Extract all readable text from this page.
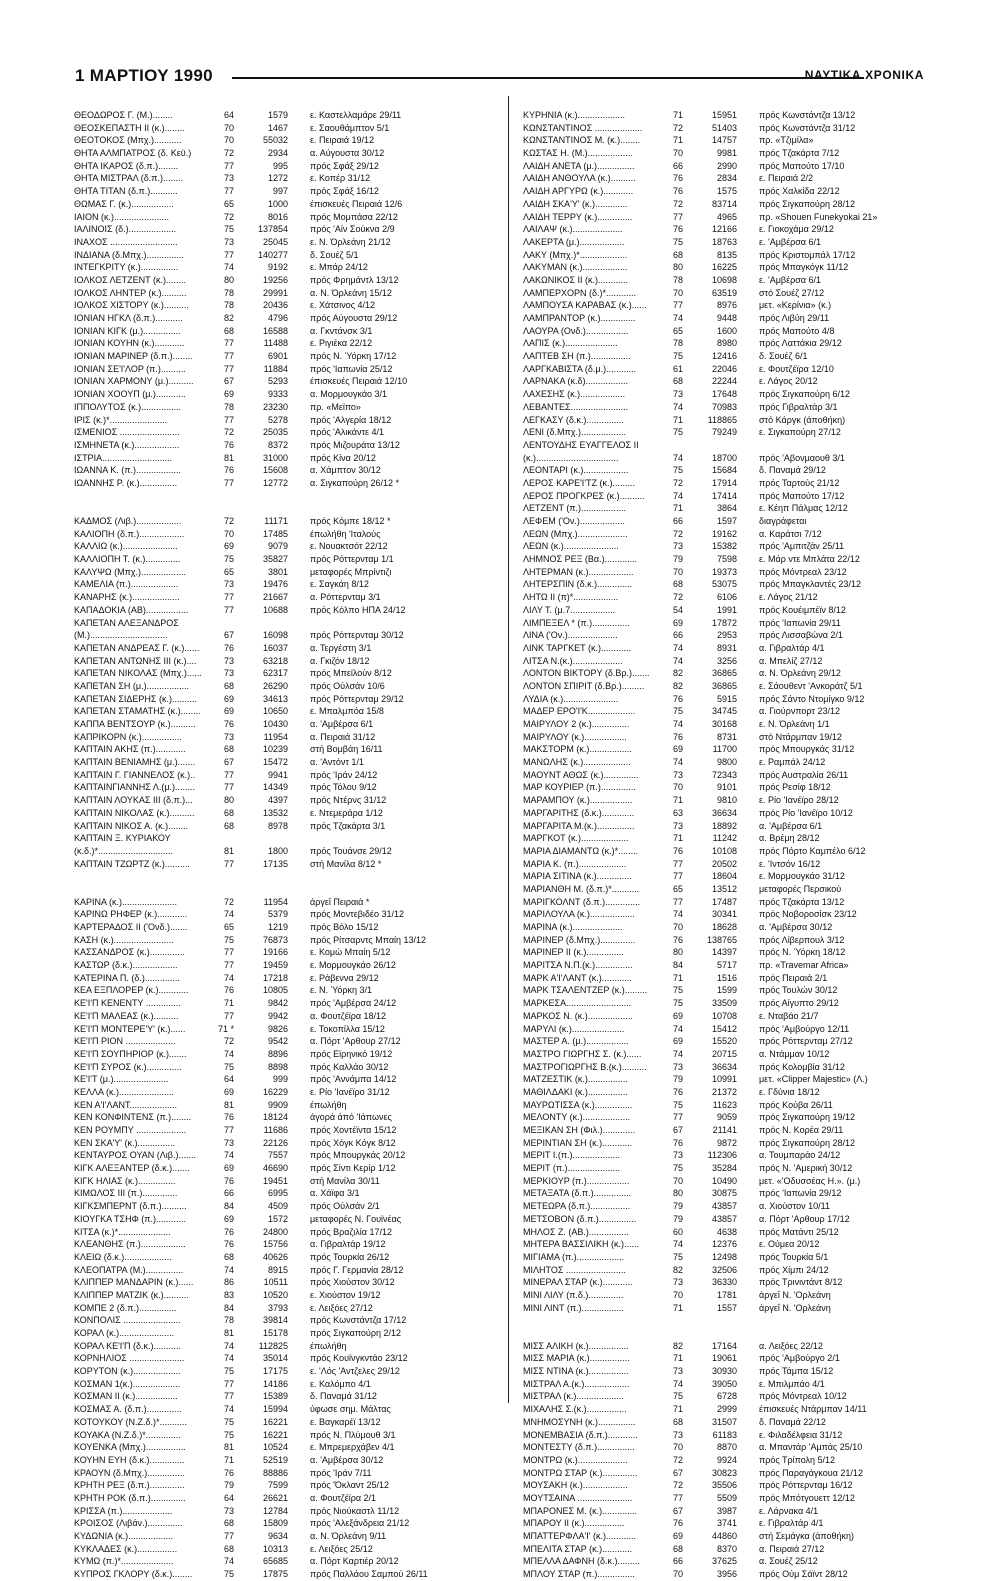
1 ΜΑΡΤΙΟΥ 1990	ΝΑΥΤΙΚΑ ΧΡΟΝΙΚΑ
ΘΕΟΔΩΡΟΣ Γ. (Μ.)........	64	1579 ε. Καστελλαμάρε 29/11
ΘΕΟΣΚΕΠΑΣΤΗ ΙΙ (κ.)........	70	1467 ε. Σαουθάμπτον 5/1
ΘΕΟΤΟΚΟΣ (Μπχ.)...........	70	55032 ε. Πειραιά 19/12
ΘΗΤΑ ΑΛΜΠΑΤΡΟΣ (δ. Κεϋ.)	72	2934 α. Αύγουστα 30/12
ΘΗΤΑ ΙΚΑΡΟΣ (δ.π.)........	77	995 πρός Σφάξ 29/12
ΘΗΤΑ ΜΙΣΤΡΑΛ (δ.π.)........	73	1272 ε. Κοπέρ 31/12
ΘΗΤΑ ΤΙΤΑΝ (δ.π.)...........	77	997 πρός Σφάξ 16/12
ΘΩΜΑΣ Γ. (κ.).................	65	1000 έπισκευές Πειραιά 12/6
ΙΑΙΟΝ (κ.)......................	72	8016 πρός Μομπάσα 22/12
ΙΑΛΙΝΟΙΣ (δ.)...................	75	137854 πρός 'Αίν Σούκνα 2/9
ΙΝΑΧΟΣ ...........................	73	25045 ε. Ν. Όρλεάνη 21/12
ΙΝΔΙΑΝΑ (δ.Μπχ.)...............	77	140277 δ. Σουέζ 5/1
ΙΝΤΕΓΚΡΙΤΥ (κ.)...............	74	9192 ε. Μπάρ 24/12
ΙΟΛΚΟΣ ΛΕΤΖΕΝΤ (κ.)........	80	19256 πρός Φρημάντλ 13/12
ΙΟΛΚΟΣ ΛΗΝΤΕΡ (κ.)..........	78	29991 α. Ν. Όρλεάνη 15/12
ΙΟΛΚΟΣ ΧΙΣΤΟΡΥ (κ.)..........	78	20436 ε. Χάτσινος 4/12
ΙΟΝΙΑΝ ΗΓΚΛ (δ.π.)...........	82	4796 πρός Αύγουστα 29/12
ΙΟΝΙΑΝ ΚΙΓΚ (μ.)...............	68	16588 α. Γκντάνσκ 3/1
ΙΟΝΙΑΝ ΚΟΥΗΝ (κ.)............	77	11488 ε. Ριγιέκα 22/12
ΙΟΝΙΑΝ ΜΑΡΙΝΕΡ (δ.π.)........	77	6901 πρός Ν. Ύόρκη 17/12
ΙΟΝΙΑΝ ΣΕ'Ι'ΛΟΡ (π.)..........	77	11884 πρός 'Ιαπωνία 25/12
ΙΟΝΙΑΝ ΧΑΡΜΟΝΥ (μ.)..........	67	5293 έπισκευές Πειραιά 12/10
ΙΟΝΙΑΝ ΧΟΟΥΠ (μ.)............	69	9333 α. Μορμουγκάο 3/1
ΙΠΠΟΛΥΤΟΣ (κ.)................	78	23230 πρ. «Μεϊπο»
ΙΡΙΣ (κ.)*.......................	77	5278 πρός 'Αλγερία 18/12
ΙΣΜΕΝΙΟΣ ........................	72	25035 πρός 'Αλικάντε 4/1
ΙΣΜΗΝΕΤΑ (κ.)..................	76	8372 πρός Μιζουράτα 13/12
ΙΣΤΡΙΑ............................	81	31000 πρός Κίνα 20/12
ΙΩΑΝΝΑ Κ. (π.)..................	76	15608 α. Χάμπτον 30/12
ΙΩΑΝΝΗΣ Ρ. (κ.)...............	77	12772 α. Σιγκαπούρη 26/12 *
ΚΑΔΜΟΣ (Λιβ.)..................	72	11171 πρός Κόμπε 18/12 *
ΚΑΛΙΟΠΗ (δ.π.)..................	70	17485 έπωλήθη 'Ιταλούς
ΚΑΛΛΙΩ (κ.)......................	69	9079 ε. Νουακτσότ 22/12
ΚΑΛΛΙΟΠΗ Τ. (κ.)..............	75	35827 πρός Ρόττερνταμ 1/1
ΚΑΛΥΨΩ (Μπχ.)..................	65	3801 μεταφορές Μπρίντιζι
ΚΑΜΕΛΙΑ (π.)...................	73	19476 ε. Σαγκάη 8/12
ΚΑΝΑΡΗΣ (κ.)...................	77	21667 α. Ρόττερνταμ 3/1
ΚΑΠΑΔΟΚΙΑ (ΑΒ).................	77	10688 πρός Κόλπο ΗΠΑ 24/12
ΚΑΠΕΤΑΝ ΑΛΕΞΑΝΔΡΟΣ
(Μ.)...............................	67	16098 πρός Ρόττερνταμ 30/12
ΚΑΠΕΤΑΝ ΑΝΔΡΕΑΣ Γ. (κ.)......	76	16037 α. Τεργέστη 3/1
ΚΑΠΕΤΑΝ ΑΝΤΩΝΗΣ ΙΙΙ (κ.)....	73	63218 α. Γκιζόν 18/12
ΚΑΠΕΤΑΝ ΝΙΚΟΛΑΣ (Μπχ.)......	73	62317 πρός Μπεϊλούν 8/12
ΚΑΠΕΤΑΝ ΣΗ (μ.).................	68	26290 πρός Ούλσάν 10/6
ΚΑΠΕΤΑΝ ΣΙΔΕΡΗΣ (κ.)..........	69	34613 πρός Ρόττερνταμ 29/12
ΚΑΠΕΤΑΝ ΣΤΑΜΑΤΗΣ (κ.)........	69	10650 ε. Μπαλμπόα 15/8
ΚΑΠΠΑ ΒΕΝΤΣΟΥΡ (κ.)..........	76	10430 α. 'Αμβέρσα 6/1
ΚΑΠΡΙΚΟΡΝ (κ.)................	73	11954 α. Πειραιά 31/12
ΚΑΠΤΑΙΝ ΑΚΗΣ (π.)............	68	10239 στή Βομβάη 16/11
ΚΑΠΤΑΙΝ ΒΕΝΙΑΜΗΣ (μ.).......	67	15472 α. 'Αντόντ 1/1
ΚΑΠΤΑΙΝ Γ. ΓΙΑΝΝΕΛΟΣ (κ.)..	77	9941 πρός 'Ιράν 24/12
ΚΑΠΤΑΙΝΓΙΑΝΝΗΣ Λ.(μ.)........	77	14349 πρός Τόλου 9/12
ΚΑΠΤΑΙΝ ΛΟΥΚΑΣ ΙΙΙ (δ.π.)...	80	4397 πρός Ντέρνς 31/12
ΚΑΠΤΑΙΝ ΝΙΚΟΛΑΣ (κ.)..........	68	13532 ε. Ντεμεράρα 1/12
ΚΑΠΤΑΙΝ ΝΙΚΟΣ Α. (κ.)........	68	8978 πρός Τζακάρτα 3/1
ΚΑΠΤΑΙΝ Ξ. ΚΥΡΙΑΚΟΥ
(κ.δ.)*..............................	81	1800 πρός Τουάνσε 29/12
ΚΑΠΤΑΙΝ ΤΖΩΡΤΖ (κ.)..........	77	17135 στή Μανίλα 8/12 *
ΚΑΡΙΝΑ (κ.)......................	72	11954 άργεΐ Πειραιά *
ΚΑΡΙΝΩ ΡΗΦΕΡ (κ.)............	74	5379 πρός Μοντεβιδέο 31/12
ΚΑΡΤΕΡΑΔΟΣ ΙΙ ('Ονδ.).......	65	1219 πρός Βόλο 15/12
ΚΑΣΗ (κ.)........................	75	76873 πρός Ρίτσαρντς Μπαίη 13/12
ΚΑΣΣΑΝΔΡΟΣ (κ.)..............	77	19166 ε. Κομώ Μπαίη 5/12
ΚΑΣΤΩΡ (δ.κ.)..................	77	19459 ε. Μορμουγκάο 26/12
ΚΑΤΕΡΙΝΑ Π. (δ.)..............	74	17218 ε. Ράβεννα 29/12
ΚΕΑ ΕΞΠΛΟΡΕΡ (κ.)............	76	10805 ε. Ν. Ύόρκη 3/1
ΚΕ'Ι'Π ΚΕΝΕΝΤΥ ..............	71	9842 πρός 'Αμβέρσα 24/12
ΚΕ'Ι'Π ΜΑΛΕΑΣ (κ.)..........	77	9942 α. Φουτζέϊρα 18/12
ΚΕ'Ι'Π ΜΟΝΤΕΡΕ'Υ' (κ.)......	71 *	9826 ε. Τοκοπίλλα 15/12
ΚΕ'Ι'Π ΡΙΟΝ ....................	72	9542 α. Πόρτ 'Αρθουρ 27/12
ΚΕ'Ι'Π ΣΟΥΠΗΡΙΟΡ (κ.).......	74	8896 πρός Εϊρηνικό 19/12
ΚΕ'Ι'Π ΣΥΡΟΣ (κ.)..............	75	8898 πρός Καλλάο 30/12
ΚΕ'Ι'Τ (μ.)......................	64	999 πρός 'Αννάμπα 14/12
ΚΕΛΛΑ (κ.)......................	69	16229 ε. Ρίο 'Ιανέϊρο 31/12
ΚΕΝ Α'Ι'ΛΑΝΤ...................	81	9909 έπωλήθη
ΚΕΝ ΚΟΝΦΙΝΤΕΝΣ (π.)........	76	18124 άγορά άπό 'Ιάπωνες
ΚΕΝ ΡΟΥΜΠΥ ....................	77	11686 πρός Χοντέϊντα 15/12
ΚΕΝ ΣΚΑ'Υ' (κ.)...............	73	22126 πρός Χόγκ Κόγκ 8/12
ΚΕΝΤΑΥΡΟΣ ΟΥΑΝ (Λιβ.).......	74	7557 πρός Μπουργκάς 20/12
ΚΙΓΚ ΑΛΕΞΑΝΤΕΡ (δ.κ.).......	69	46690 πρός Σίντι Κερίρ 1/12
ΚΙΓΚ ΗΛΙΑΣ (κ.)...............	76	19451 στή Μανίλα 30/11
ΚΙΜΩΛΟΣ ΙΙΙ (π.)..............	66	6995 α. Χάϊφα 3/1
ΚΙΓΚΣΜΠΕΡΝΤ (δ.π.)..........	84	4509 πρός Ούλσάν 2/1
ΚΙΟΥΓΚΑ ΤΣΗΦ (π.)............	69	1572 μεταφορές Ν. Γουϊνέας
ΚΙΤΣΑ (κ.)*.....................	76	24800 πρός Βραζιλία 17/12
ΚΛΕΑΝΘΗΣ (π.)..................	76	15756 α. Γιβραλτάρ 19/12
ΚΛΕΙΩ (δ.κ.)...................	68	40626 πρός Τουρκία 26/12
ΚΛΕΟΠΑΤΡΑ (Μ.)...............	74	8915 πρός Γ. Γερμανία 28/12
ΚΛΙΠΠΕΡ ΜΑΝΔΑΡΙΝ (κ.)......	86	10511 πρός Χιούστον 30/12
ΚΛΙΠΠΕΡ ΜΑΤΖΙΚ (κ.)..........	83	10520 ε. Χιούστον 19/12
ΚΟΜΠΕ 2 (δ.π.)...............	84	3793 ε. Λειξόες 27/12
ΚΟΝΠΟΛΙΣ .......................	78	39814 πρός Κωνστάντζα 17/12
ΚΟΡΑΛ (κ.)......................	81	15178 πρός Σιγκαπούρη 2/12
ΚΟΡΑΛ ΚΕ'Ι'Π (δ.κ.)...........	74	112825 έπωλήθη
ΚΟΡΝΗΛΙΟΣ ......................	74	35014 πρός Κουϊνγκντάο 23/12
ΚΟΡΥΤΟΝ (κ.)...................	75	17175 ε. 'Λός 'Αντζελες 29/12
ΚΟΣΜΑΝ 1(κ.)...................	77	14186 ε. Καλόμπο 4/1
ΚΟΣΜΑΝ ΙΙ (κ.).................	77	15389 δ. Παναμά 31/12
ΚΟΣΜΑΣ Α. (δ.π.)..............	74	15994 ύφωσε σημ. Μάλτας
ΚΟΤΟΥΚΟΥ (Ν.Ζ.δ.)*...........	75	16221 ε. Βαγκαρέϊ 13/12
ΚΟΥΑΚΑ (Ν.Ζ.δ.)*..............	75	16221 πρός Ν. Πλύμουθ 3/1
ΚΟΥΕΝΚΑ (Μπχ.)................	81	10524 ε. Μπρεμερχάβεν 4/1
ΚΟΥΗΝ ΕΥΗ (δ.κ.)..............	71	52519 α. 'Αμβέρσα 30/12
ΚΡΑΟΥΝ (δ.Μπχ.)...............	76	88886 πρός 'Ιράν 7/11
ΚΡΗΤΗ ΡΕΞ (δ.π.)..............	79	7599 πρός 'Όκλαντ 25/12
ΚΡΗΤΗ ΡΟΚ (δ.π.)..............	64	26621 α. Φουτζέϊρα 2/1
ΚΡΙΣΣΑ (π.)....................	73	12784 πρός Νιούκαστλ 11/12
ΚΡΟΙΣΟΣ (Λιβάν.)..............	68	15809 πρός 'Αλεξάνδρεια 21/12
ΚΥΔΩΝΙΑ (κ.)..................	77	9634 α. Ν. Όρλεάνη 9/11
ΚΥΚΛΑΔΕΣ (κ.)................	68	10313 ε. Λειξόες 25/12
ΚΥΜΩ (π.)*.....................	74	65685 α. Πόρτ Καρτιέρ 20/12
ΚΥΠΡΟΣ ΓΚΛΟΡΥ (δ.κ.)........	75	17875 πρός Παλλάου Σαμπού 26/11
ΚΥΡΗΝΙΑ (κ.)...................	71	15951 πρός Κωνστάντζα 13/12
ΚΩΝΣΤΑΝΤΙΝΟΣ ...................	72	51403 πρός Κωνστάντζα 31/12
ΚΩΝΣΤΑΝΤΙΝΟΣ Μ. (κ.)........	71	14757 πρ. «Τζιμίλα»
ΚΩΣΤΑΣ Η. (Μ.)..................	70	9981 πρός Τζακάρτα 7/12
ΛΑΙΔΗ ΑΝΕΤΑ (μ.)...............	66	2990 πρός Μαπούτο 17/10
ΛΑΙΔΗ ΑΝΘΟΥΛΑ (κ.)..........	76	2834 ε. Πειραιά 2/2
ΛΑΙΔΗ ΑΡΓΥΡΩ (κ.)............	76	1575 πρός Χαλκίδα 22/12
ΛΑΙΔΗ ΣΚΑ'Υ' (κ.).............	72	83714 πρός Σιγκαπούρη 28/12
ΛΑΙΔΗ ΤΕΡΡΥ (κ.)..............	77	4965 πρ. «Shouen Funekyokai 21»
ΛΑΙΛΑΨ (κ.)....................	76	12166 ε. Γιοκοχάμα 29/12
ΛΑΚΕΡΤΑ (μ.)..................	75	18763 ε. 'Αμβέρσα 6/1
ΛΑΚΥ (Μπχ.)*...................	68	8135 πρός Κριστομπάλ 17/12
ΛΑΚΥΜΑΝ (κ.)..................	80	16225 πρός Μπαγκόγκ 11/12
ΛΑΚΩΝΙΚΟΣ ΙΙ (κ.)............	78	10698 ε. 'Αμβέρσα 6/1
ΛΑΜΠΕΡΧΟΡΝ (δ.)*............	70	63519 στό Σουέζ 27/12
ΛΑΜΠΟΥΣΑ ΚΑΡΑΒΑΣ (κ.)......	77	8976 μετ. «Κερίνια» (κ.)
ΛΑΜΠΡΑΝΤΟΡ (κ.)..............	74	9448 πρός Λιβύη 29/11
ΛΑΟΥΡΑ (Ονδ.).................	65	1600 πρός Μαπούτο 4/8
ΛΑΠΙΣ (κ.).....................	78	8980 πρός Λαττάκια 29/12
ΛΑΠΤΕΒ ΣΗ (π.)................	75	12416 δ. Σουέζ 6/1
ΛΑΡΓΚΑΒΙΣΤΑ (δ.μ.)............	61	22046 ε. Φουτζέϊρα 12/10
ΛΑΡΝΑΚΑ (κ.δ).................	68	22244 ε. Λάγος 20/12
ΛΑΧΕΣΗΣ (κ.)..................	73	17648 πρός Σιγκαπούρη 6/12
ΛΕΒΑΝΤΕΣ.......................	74	70983 πρός Γιβραλτάρ 3/1
ΛΕΓΚΑΣΥ (δ.κ.)...............	71	118865 στό Κάργκ (άποθήκη)
ΛΕΝΙ (δ.Μπχ.)..................	75	79249 ε. Σιγκαπούρη 27/12
ΛΕΝΤΟΥΔΗΣ ΕΥΑΓΓΕΛΟΣ ΙΙ
(κ.).................................	74	18700 πρός 'Αβονμαουθ 3/1
ΛΕΟΝΤΑΡΙ (κ.)..................	75	15684 δ. Παναμά 29/12
ΛΕΡΟΣ ΚΑΡΕ'Ι'ΤΖ (κ.).........	72	17914 πρός Ταρτούς 21/12
ΛΕΡΟΣ ΠΡΟΓΚΡΕΣ (κ.)..........	74	17414 πρός Μαπούτο 17/12
ΛΕΤΖΕΝΤ (π.)..................	71	3864 ε. Κέηπ Πάλμας 12/12
ΛΕΦΕΜ ('Ον.)..................	66	1597 διαγράφεται
ΛΕΩΝ (Μπχ.)....................	72	19162 α. Καράτσι 7/12
ΛΕΩΝ (κ.)......................	73	15382 πρός 'Αμπιτζάν 25/11
ΛΗΜΝΟΣ ΡΕΞ (Βα.).............	79	7598 ε. Μάρ ντε Μπλάτα 22/12
ΛΗΤΕΡΜΑΝ (κ.)..................	70	19373 πρός Μόντρεαλ 23/12
ΛΗΤΕΡΣΠΙΝ (δ.κ.)..............	68	53075 πρός Μπαγκλαντές 23/12
ΛΗΤΩ ΙΙ (π)*..................	72	6106 ε. Λάγος 21/12
ΛΙΛΥ Τ. (μ.7..................	54	1991 πρός Κουέιμπέϊν 8/12
ΛΙΜΠΕΞΕΛ * (π.)...............	69	17872 πρός 'Ιαπωνία 29/11
ΛΙΝΑ ('Ον.)....................	66	2953 πρός Λισσαβώνα 2/1
ΛΙΝΚ ΤΑΡΓΚΕΤ (κ.)............	74	8931 α. Γιβραλτάρ 4/1
ΛΙΤΣΑ Ν.(κ.)....................	74	3256 α. Μπελίζ 27/12
ΛΟΝΤΟΝ ΒΙΚΤΟΡΥ (δ.Βρ.).......	82	36865 α. Ν. Όρλεάνη 29/12
ΛΟΝΤΟΝ ΣΠΙΡΙΤ (δ.Βρ.).........	82	36865 ε. Σάουθεντ 'Ανκοράτζ 5/1
ΛΥΔΙΑ (κ.)......................	76	5915 πρός Σάντο Ντομίγκο 9/12
ΜΑΔΕΡ ΕΡΟ'Ι'Κ...................	75	34745 α. Γιούρνπορτ 23/12
ΜΑΙΡΥΛΟΥ 2 (κ.)...............	74	30168 ε. Ν. Όρλεάνη 1/1
ΜΑΙΡΥΛΟΥ (κ.).................	76	8731 στό Ντάρμπαν 19/12
ΜΑΚΣΤΟΡΜ (κ.).................	69	11700 πρός Μπουργκάς 31/12
ΜΑΝΩΛΗΣ (κ.)...................	74	9800 ε. Ραμπάλ 24/12
ΜΑΟΥΝΤ ΑΘΩΣ (κ.)..............	73	72343 πρός Αυστραλία 26/11
ΜΑΡ ΚΟΥΡΙΕΡ (π.)..............	70	9101 πρός Ρεσίφ 18/12
ΜΑΡΑΜΠΟΥ (κ.).................	71	9810 ε. Ρίο 'Ιανέϊρο 28/12
ΜΑΡΓΑΡΙΤΗΣ (δ.κ.).............	63	36634 πρός Ρίο 'Ιανέϊρο 10/12
ΜΑΡΓΑΡΙΤΑ Μ.(κ.)...............	73	18892 α. 'Αμβέρσα 6/1
ΜΑΡΓΚΟΤ (κ.)...................	71	11242 α. Βρέμη 28/12
ΜΑΡΙΑ ΔΙΑΜΑΝΤΩ (κ.)*........	76	10108 πρός Πόρτο Καμπέλο 6/12
ΜΑΡΙΑ Κ. (π.)...................	77	20502 ε. 'Ιντσόν 16/12
ΜΑΡΙΑ ΣΙΤΙΝΑ (κ.)..............	77	18604 ε. Μορμουγκάο 31/12
ΜΑΡΙΑΝΘΗ Μ. (δ.π.)*...........	65	13512 μεταφορές Περσικού
ΜΑΡΙΓΚΟΛΝΤ (δ.π.)..............	77	17487 πρός Τζακάρτα 13/12
ΜΑΡΙΛΟΥΛΑ (κ.)..................	74	30341 πρός Νοβοροσίσκ 23/12
ΜΑΡΙΝΑ (κ.)....................	70	18628 α. 'Αμβέρσα 30/12
ΜΑΡΙΝΕΡ (δ.Μπχ.)..............	76	138765 πρός Λίβερπουλ 3/12
ΜΑΡΙΝΕΡ ΙΙ (κ.)...............	80	14397 πρός Ν. Ύόρκη 18/12
ΜΑΡΙΤΣΑ Ν.Π.(κ.)...............	84	5717 πρ. «Travemar Africa»
ΜΑΡΚ Α'Ι'ΛΑΝΤ (κ.)............	71	1516 πρός Πειραιά 2/1
ΜΑΡΚ ΤΣΑΛΕΝΤΖΕΡ (κ.).........	75	1599 πρός Τουλών 30/12
ΜΑΡΚΕΣΑ..........................	75	33509 πρός Αίγυπτο 29/12
ΜΑΡΚΟΣ Ν. (κ.)..................	69	10708 ε. Νταβάο 21/7
ΜΑΡΥΛΙ (κ.).....................	74	15412 πρός 'Αμβούργο 12/11
ΜΑΣΤΕΡ Α. (μ.).................	69	15520 πρός Ρόττερνταμ 27/12
ΜΑΣΤΡΟ ΓΙΩΡΓΗΣ Σ. (κ.)......	74	20715 α. Ντάμμαν 10/12
ΜΑΣΤΡΟΓΙΩΡΓΗΣ Β.(κ.)..........	73	36634 πρός Κολομβία 31/12
ΜΑΤΖΕΣΤΙΚ (κ.)................	79	10991 μετ. «Clipper Majestic» (Λ.)
ΜΑΘΙΛΔΑΚΙ (κ.)................	76	21372 ε. Γδύνια 18/12
ΜΑΥΡΩΤΙΣΣΑ (κ.)...............	75	11623 πρός Κούβα 26/11
ΜΕΛΟΝΤΥ (κ.)...................	77	9059 πρός Σιγκαπούρη 19/12
ΜΕΞΙΚΑΝ ΣΗ (Φιλ.).............	67	21141 πρός Ν. Κορέα 29/11
ΜΕΡΙΝΤΙΑΝ ΣΗ (κ.)............	76	9872 πρός Σιγκαπούρη 28/12
ΜΕΡΙΤ Ι.(π.)...................	73	112306 α. Τουμπαράο 24/12
ΜΕΡΙΤ (π.).....................	75	35284 πρός Ν. 'Αμερική 30/12
ΜΕΡΚΙΟΥΡ (π.).................	70	10490 μετ. «'Οδυσσέας Η.». (μ.)
ΜΕΤΑΞΑΤΑ (δ.π.)...............	80	30875 πρός 'Ιαπωνία 29/12
ΜΕΤΕΩΡΑ (δ.π.)................	79	43857 α. Χιούστον 10/11
ΜΕΤΣΟΒΟΝ (δ.π.)...............	79	43857 α. Πόρτ 'Αρθουρ 17/12
ΜΗΛΟΣ Ζ. (ΑΒ.)................	60	4638 πρός Ματάντι 25/12
ΜΗΤΕΡΑ ΒΑΣΣΙΛΙΚΗ (κ.)......	74	12376 ε. Ούμεα 20/12
ΜΙΓΙΑΜΑ (π.)...................	75	12498 πρός Τουρκία 5/1
ΜΙΛΗΤΟΣ ........................	82	32506 πρός Χίμπι 24/12
ΜΙΝΕΡΑΛ ΣΤΑΡ (κ.)............	73	36330 πρός Τρινιντάντ 8/12
ΜΙΝΙ ΛΙΛΥ (π.δ.)..............	70	1781 άργεΐ Ν. 'Ορλεάνη
ΜΙΝΙ ΛΙΝΤ (π.).................	71	1557 άργεΐ Ν. 'Ορλεάνη
ΜΙΣΣ ΑΛΙΚΗ (κ.)................	82	17164 α. Λειξόες 22/12
ΜΙΣΣ ΜΑΡΙΑ (κ.)................	71	19061 πρός 'Αμβούργο 2/1
ΜΙΣΣ ΝΤΙΝΑ (κ.)................	73	30930 πρός Τάμπα 15/12
ΜΙΣΤΡΑΛ Α.(κ.)..................	74	39050 ε. Μπιλμπάο 4/1
ΜΙΣΤΡΑΛ (κ.)...................	75	6728 πρός Μόντρεαλ 10/12
ΜΙΧΑΛΗΣ Σ.(κ.)................	71	2999 έπισκευές Ντάρμπαν 14/11
ΜΝΗΜΟΣΥΝΗ (κ.)...............	68	31507 δ. Παναμά 22/12
ΜΟΝΕΜΒΑΣΙΑ (δ.π.)............	73	61183 ε. Φιλαδέλφεια 31/12
ΜΟΝΤΕΣΤΥ (δ.π.)...............	70	8870 α. Μπαντάρ 'Αμπάς 25/10
ΜΟΝΤΡΩ (κ.)....................	72	9924 πρός Τρίπολη 5/12
ΜΟΝΤΡΩ ΣΤΑΡ (κ.)..............	67	30823 πρός Παραγάγκουα 21/12
ΜΟΥΣΑΚΗ (κ.)..................	72	35506 πρός Ρόττερνταμ 16/12
ΜΟΥΤΣΑΙΝΑ ......................	77	5509 πρός Μπότγουεττ 12/12
ΜΠΑΡΟΝΕΣ Μ. (κ.)..............	67	3987 ε. Λάρνακα 4/1
ΜΠΑΡΟΥ ΙΙ (κ.)................	76	3741 ε. Γιβραλτάρ 4/1
ΜΠΑΤΤΕΡΦΛΑ'Ι' (κ.)............	69	44860 στή Σεμάγκα (άποθήκη)
ΜΠΕΛΙΤΑ ΣΤΑΡ (κ.)............	68	8370 α. Πειραιά 27/12
ΜΠΕΛΛΑ ΔΑΦΝΗ (δ.κ.).........	66	37625 α. Σουέζ 25/12
ΜΠΛΟΥ ΣΤΑΡ (π.)...............	70	3956 πρός Ούμ Σάϊντ 28/12
